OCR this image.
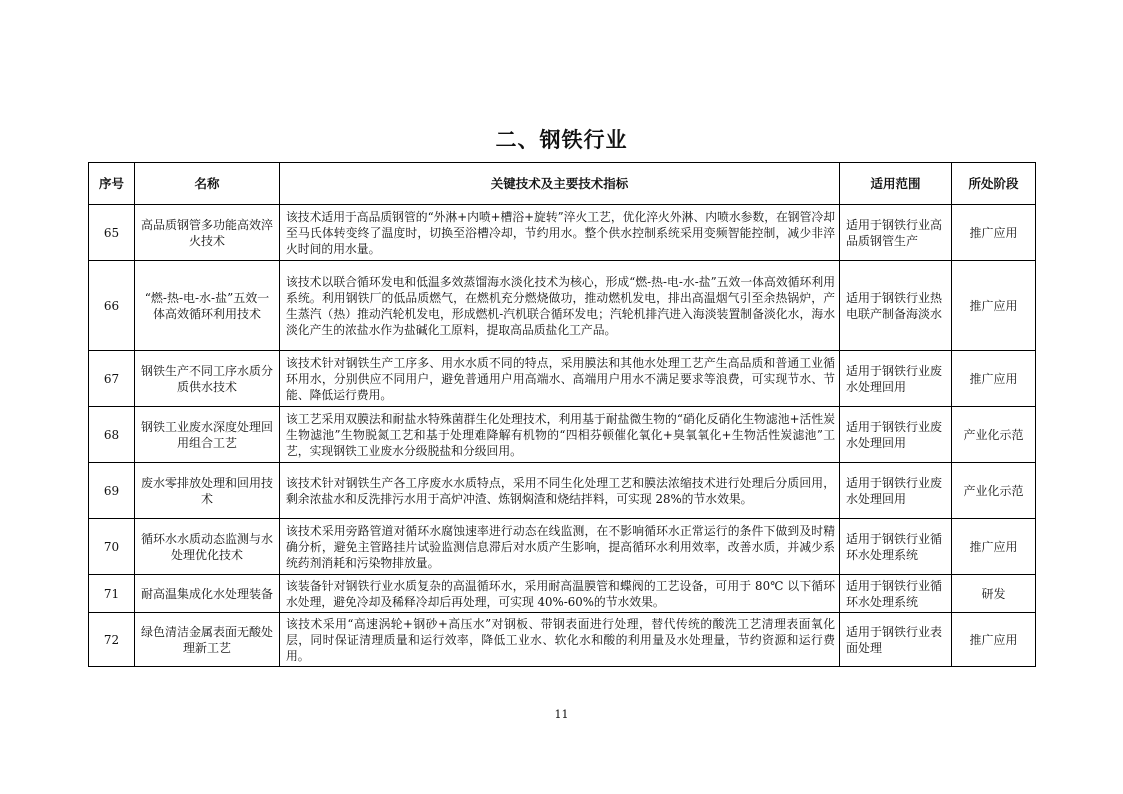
二、钢铁行业
序号	名称	关键技术及主要技术指标	适用范围	所处阶段
65	高品质钢管多功能高效淬火技术	该技术适用于高品质钢管的“外淋+内喷+槽浴+旋转”淬火工艺，优化淬火外淋、内喷水参数，在钢管冷却至马氏体转变终了温度时，切换至浴槽冷却，节约用水。整个供水控制系统采用变频智能控制，减少非淬火时间的用水量。	适用于钢铁行业高品质钢管生产	推广应用
66	“燃-热-电-水-盐”五效一体高效循环利用技术	该技术以联合循环发电和低温多效蒸馏海水淡化技术为核心，形成“燃-热-电-水-盐”五效一体高效循环利用系统。利用钢铁厂的低品质燃气，在燃机充分燃烧做功，推动燃机发电，排出高温烟气引至余热锅炉，产生蒸汽（热）推动汽轮机发电，形成燃机-汽机联合循环发电；汽轮机排汽进入海淡装置制备淡化水，海水淡化产生的浓盐水作为盐碱化工原料，提取高品质盐化工产品。	适用于钢铁行业热电联产制备海淡水	推广应用
67	钢铁生产不同工序水质分质供水技术	该技术针对钢铁生产工序多、用水水质不同的特点，采用膜法和其他水处理工艺产生高品质和普通工业循环用水，分别供应不同用户，避免普通用户用高端水、高端用户用水不满足要求等浪费，可实现节水、节能、降低运行费用。	适用于钢铁行业废水处理回用	推广应用
68	钢铁工业废水深度处理回用组合工艺	该工艺采用双膜法和耐盐水特殊菌群生化处理技术，利用基于耐盐微生物的“硝化反硝化生物滤池+活性炭生物滤池”生物脱氮工艺和基于处理难降解有机物的“四相芬顿催化氧化+臭氧氧化+生物活性炭滤池”工艺，实现钢铁工业废水分级脱盐和分级回用。	适用于钢铁行业废水处理回用	产业化示范
69	废水零排放处理和回用技术	该技术针对钢铁生产各工序废水水质特点，采用不同生化处理工艺和膜法浓缩技术进行处理后分质回用，剩余浓盐水和反洗排污水用于高炉冲渣、炼钢焖渣和烧结拌料，可实现 28%的节水效果。	适用于钢铁行业废水处理回用	产业化示范
70	循环水水质动态监测与水处理优化技术	该技术采用旁路管道对循环水腐蚀速率进行动态在线监测，在不影响循环水正常运行的条件下做到及时精确分析，避免主管路挂片试验监测信息滞后对水质产生影响，提高循环水利用效率，改善水质，并减少系统药剂消耗和污染物排放量。	适用于钢铁行业循环水处理系统	推广应用
71	耐高温集成化水处理装备	该装备针对钢铁行业水质复杂的高温循环水，采用耐高温膜管和蝶阀的工艺设备，可用于 80℃ 以下循环水处理，避免冷却及稀释冷却后再处理，可实现 40%-60%的节水效果。	适用于钢铁行业循环水处理系统	研发
72	绿色清洁金属表面无酸处理新工艺	该技术采用“高速涡轮+钢砂+高压水”对钢板、带钢表面进行处理，替代传统的酸洗工艺清理表面氧化层，同时保证清理质量和运行效率，降低工业水、软化水和酸的利用量及水处理量，节约资源和运行费用。	适用于钢铁行业表面处理	推广应用
11
